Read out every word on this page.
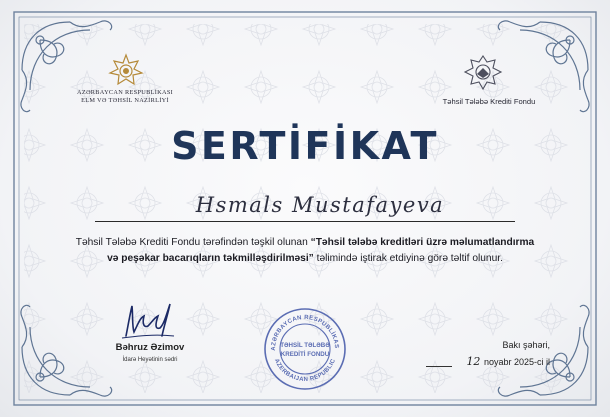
AZƏRBAYCAN RESPUBLİKASI
ELM VƏ TƏHSİL NAZİRLİYİ	Təhsil Tələbə Krediti Fondu
SERTİFİKAT
Hsmals Mustafayeva
Təhsil Tələbə Krediti Fondu tərəfindən təşkil olunan “Təhsil tələbə kreditləri üzrə məlumatlandırma və peşəkar bacarıqların təkmilləşdirilməsi” təlimində iştirak etdiyinə görə təltif olunur.
Bəhruz Əzimov
İdarə Heyətinin sədri
AZƏRBAYCAN RESPUBLİKAS
AZERBAIJAN REPUBLIC
TƏHSİL TƏLƏBƏ
KREDİTİ FONDU
Bakı şəhəri,
12 noyabr 2025-ci il
